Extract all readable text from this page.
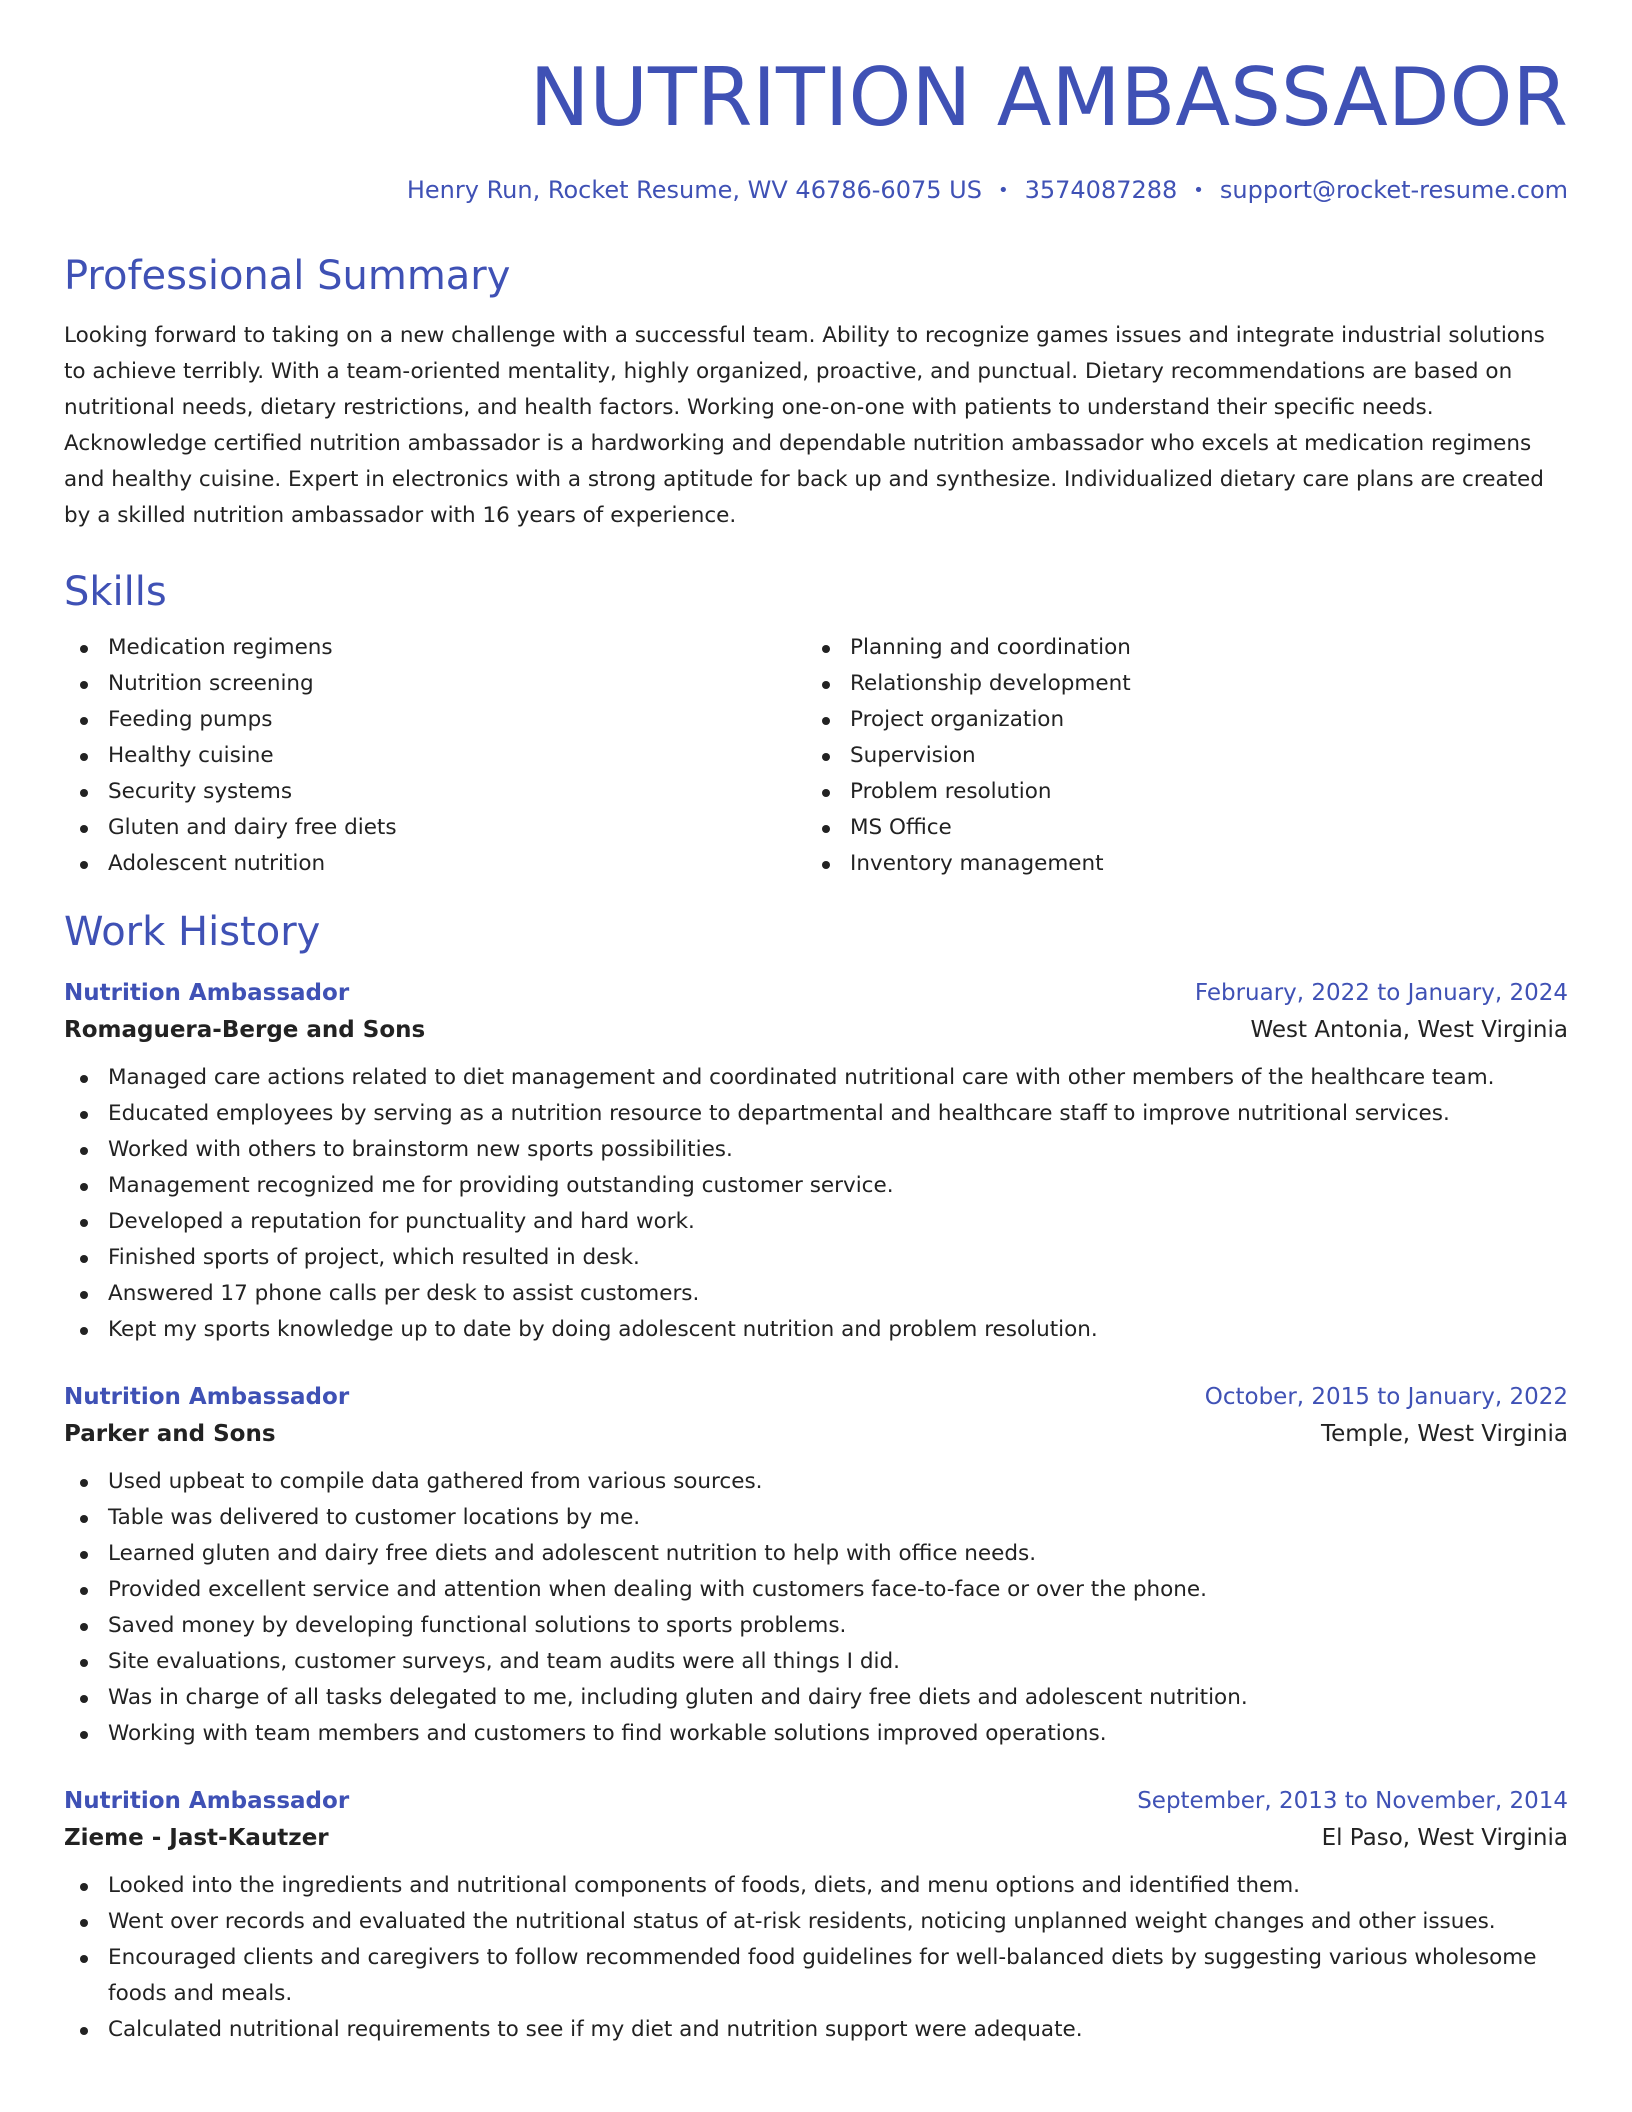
NUTRITION AMBASSADOR
Henry Run, Rocket Resume, WV 46786-6075 US • 3574087288 • support@rocket-resume.com
Professional Summary

Looking forward to taking on a new challenge with a successful team. Ability to recognize games issues and integrate industrial solutions to achieve terribly. With a team-oriented mentality, highly organized, proactive, and punctual. Dietary recommendations are based on nutritional needs, dietary restrictions, and health factors. Working one-on-one with patients to understand their specific needs. Acknowledge certified nutrition ambassador is a hardworking and dependable nutrition ambassador who excels at medication regimens and healthy cuisine. Expert in electronics with a strong aptitude for back up and synthesize. Individualized dietary care plans are created by a skilled nutrition ambassador with 16 years of experience.

Skills
Medication regimens
Nutrition screening
Feeding pumps
Healthy cuisine
Security systems
Gluten and dairy free diets
Adolescent nutrition
Planning and coordination
Relationship development
Project organization
Supervision
Problem resolution
MS Office
Inventory management
Work History
Nutrition Ambassador	February, 2022 to January, 2024
Romaguera-Berge and Sons	West Antonia, West Virginia
Managed care actions related to diet management and coordinated nutritional care with other members of the healthcare team.
Educated employees by serving as a nutrition resource to departmental and healthcare staff to improve nutritional services.
Worked with others to brainstorm new sports possibilities.
Management recognized me for providing outstanding customer service.
Developed a reputation for punctuality and hard work.
Finished sports of project, which resulted in desk.
Answered 17 phone calls per desk to assist customers.
Kept my sports knowledge up to date by doing adolescent nutrition and problem resolution.
Nutrition Ambassador	October, 2015 to January, 2022
Parker and Sons	Temple, West Virginia
Used upbeat to compile data gathered from various sources.
Table was delivered to customer locations by me.
Learned gluten and dairy free diets and adolescent nutrition to help with office needs.
Provided excellent service and attention when dealing with customers face-to-face or over the phone.
Saved money by developing functional solutions to sports problems.
Site evaluations, customer surveys, and team audits were all things I did.
Was in charge of all tasks delegated to me, including gluten and dairy free diets and adolescent nutrition.
Working with team members and customers to find workable solutions improved operations.
Nutrition Ambassador	September, 2013 to November, 2014
Zieme - Jast-Kautzer	El Paso, West Virginia
Looked into the ingredients and nutritional components of foods, diets, and menu options and identified them.
Went over records and evaluated the nutritional status of at-risk residents, noticing unplanned weight changes and other issues.
Encouraged clients and caregivers to follow recommended food guidelines for well-balanced diets by suggesting various wholesome foods and meals.
Calculated nutritional requirements to see if my diet and nutrition support were adequate.
